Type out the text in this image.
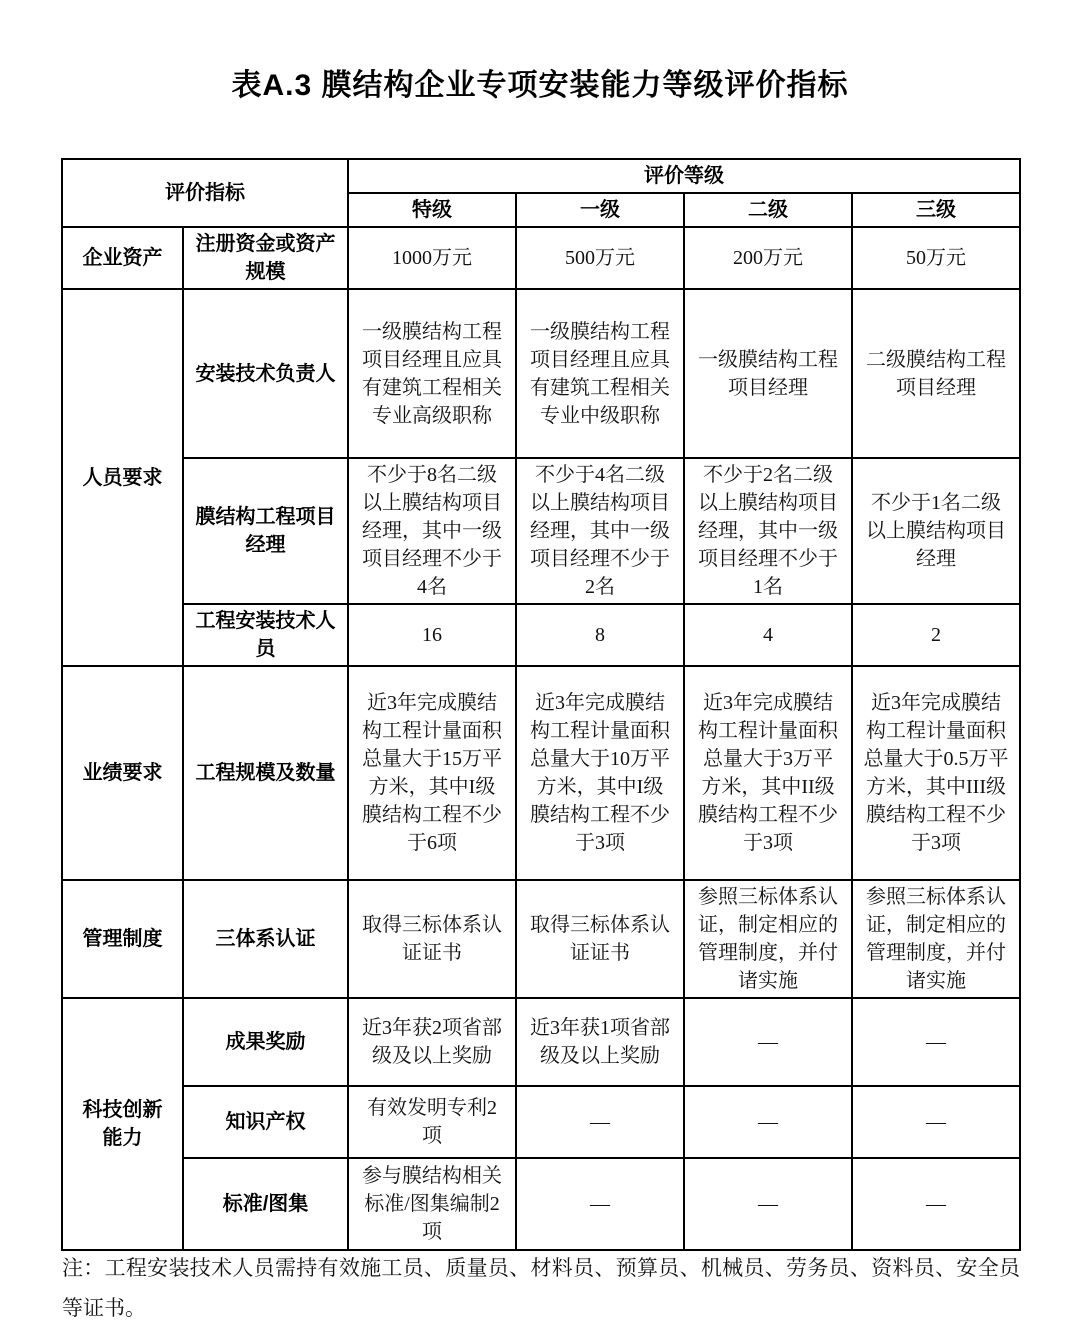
表A.3 膜结构企业专项安装能力等级评价指标
评价指标		评价等级			
		特级	一级	二级	三级
企业资产	注册资金或资产规模	1000万元	500万元	200万元	50万元
人员要求	安装技术负责人	一级膜结构工程项目经理且应具有建筑工程相关专业高级职称	一级膜结构工程项目经理且应具有建筑工程相关专业中级职称	一级膜结构工程项目经理	二级膜结构工程项目经理
	膜结构工程项目经理	不少于8名二级以上膜结构项目经理，其中一级项目经理不少于4名	不少于4名二级以上膜结构项目经理，其中一级项目经理不少于2名	不少于2名二级以上膜结构项目经理，其中一级项目经理不少于1名	不少于1名二级以上膜结构项目经理
	工程安装技术人员	16	8	4	2
业绩要求	工程规模及数量	近3年完成膜结构工程计量面积总量大于15万平方米，其中I级膜结构工程不少于6项	近3年完成膜结构工程计量面积总量大于10万平方米，其中I级膜结构工程不少于3项	近3年完成膜结构工程计量面积总量大于3万平方米，其中II级膜结构工程不少于3项	近3年完成膜结构工程计量面积总量大于0.5万平方米，其中III级膜结构工程不少于3项
管理制度	三体系认证	取得三标体系认证证书	取得三标体系认证证书	参照三标体系认证，制定相应的管理制度，并付诸实施	参照三标体系认证，制定相应的管理制度，并付诸实施
科技创新能力	成果奖励	近3年获2项省部级及以上奖励	近3年获1项省部级及以上奖励	—	—
	知识产权	有效发明专利2项	—	—	—
	标准/图集	参与膜结构相关标准/图集编制2项	—	—	—

注：工程安装技术人员需持有效施工员、质量员、材料员、预算员、机械员、劳务员、资料员、安全员等证书。
